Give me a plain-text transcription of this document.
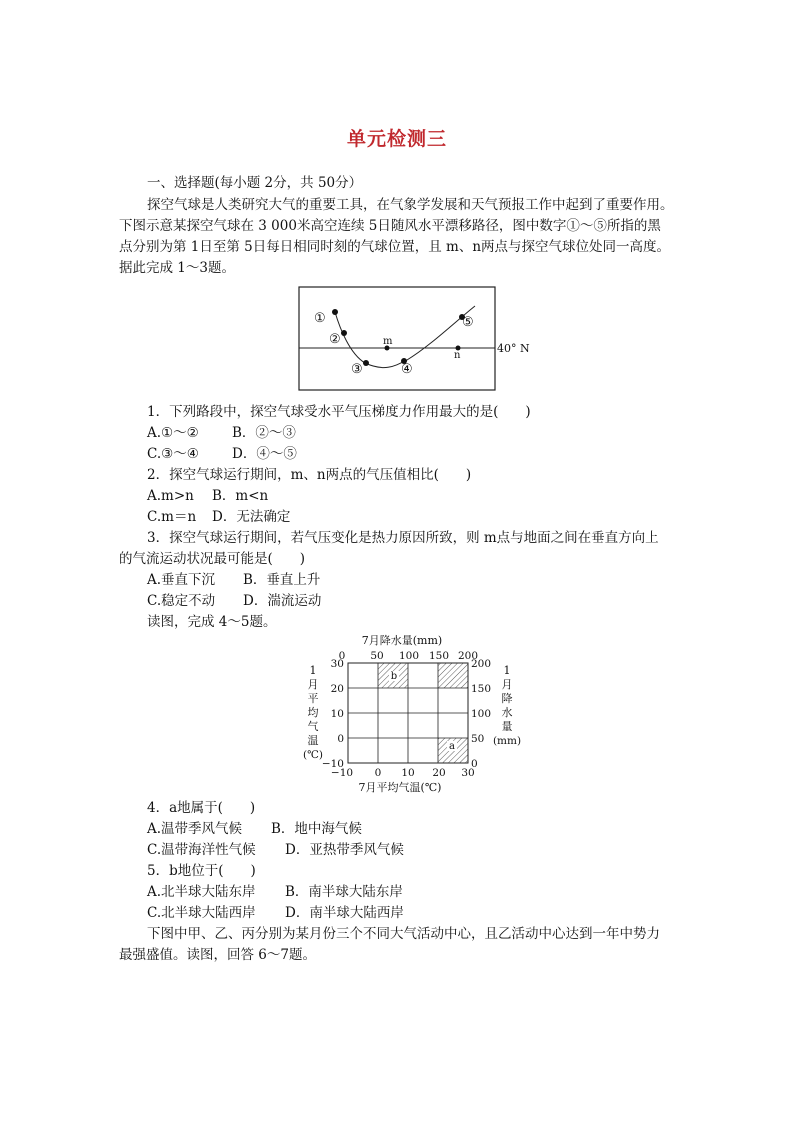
单元检测三
一、选择题(每小题 2分，共 50分）
探空气球是人类研究大气的重要工具，在气象学发展和天气预报工作中起到了重要作用。
下图示意某探空气球在 3 000米高空连续 5日随风水平漂移路径，图中数字①～⑤所指的黑
点分别为第 1日至第 5日每日相同时刻的气球位置，且 m、n两点与探空气球位处同一高度。
据此完成 1～3题。
40° N
①
②
③	④
⑤
m
n
1．下列路段中，探空气球受水平气压梯度力作用最大的是(　　)
A.①～② B．②～③
C.③～④ D．④～⑤
2．探空气球运行期间，m、n两点的气压值相比(　　)
A.m>n B．m<n
C.m＝n D．无法确定
3．探空气球运行期间，若气压变化是热力原因所致，则 m点与地面之间在垂直方向上
的气流运动状况最可能是(　　)
A.垂直下沉 B．垂直上升
C.稳定不动 D．湍流运动
读图，完成 4～5题。
7月降水量(mm)
0 50 100 150 200
b
a
30
20
10
0
−10
200
150
100
50
0
−10 0 10 20 30
7月平均气温(℃)
1
月
平
均
气
温
(℃)
1
月
降
水
量
(mm)
4．a地属于(　　)
A.温带季风气候 B．地中海气候
C.温带海洋性气候 D．亚热带季风气候
5．b地位于(　　)
A.北半球大陆东岸 B．南半球大陆东岸
C.北半球大陆西岸 D．南半球大陆西岸
下图中甲、乙、丙分别为某月份三个不同大气活动中心，且乙活动中心达到一年中势力
最强盛值。读图，回答 6～7题。
